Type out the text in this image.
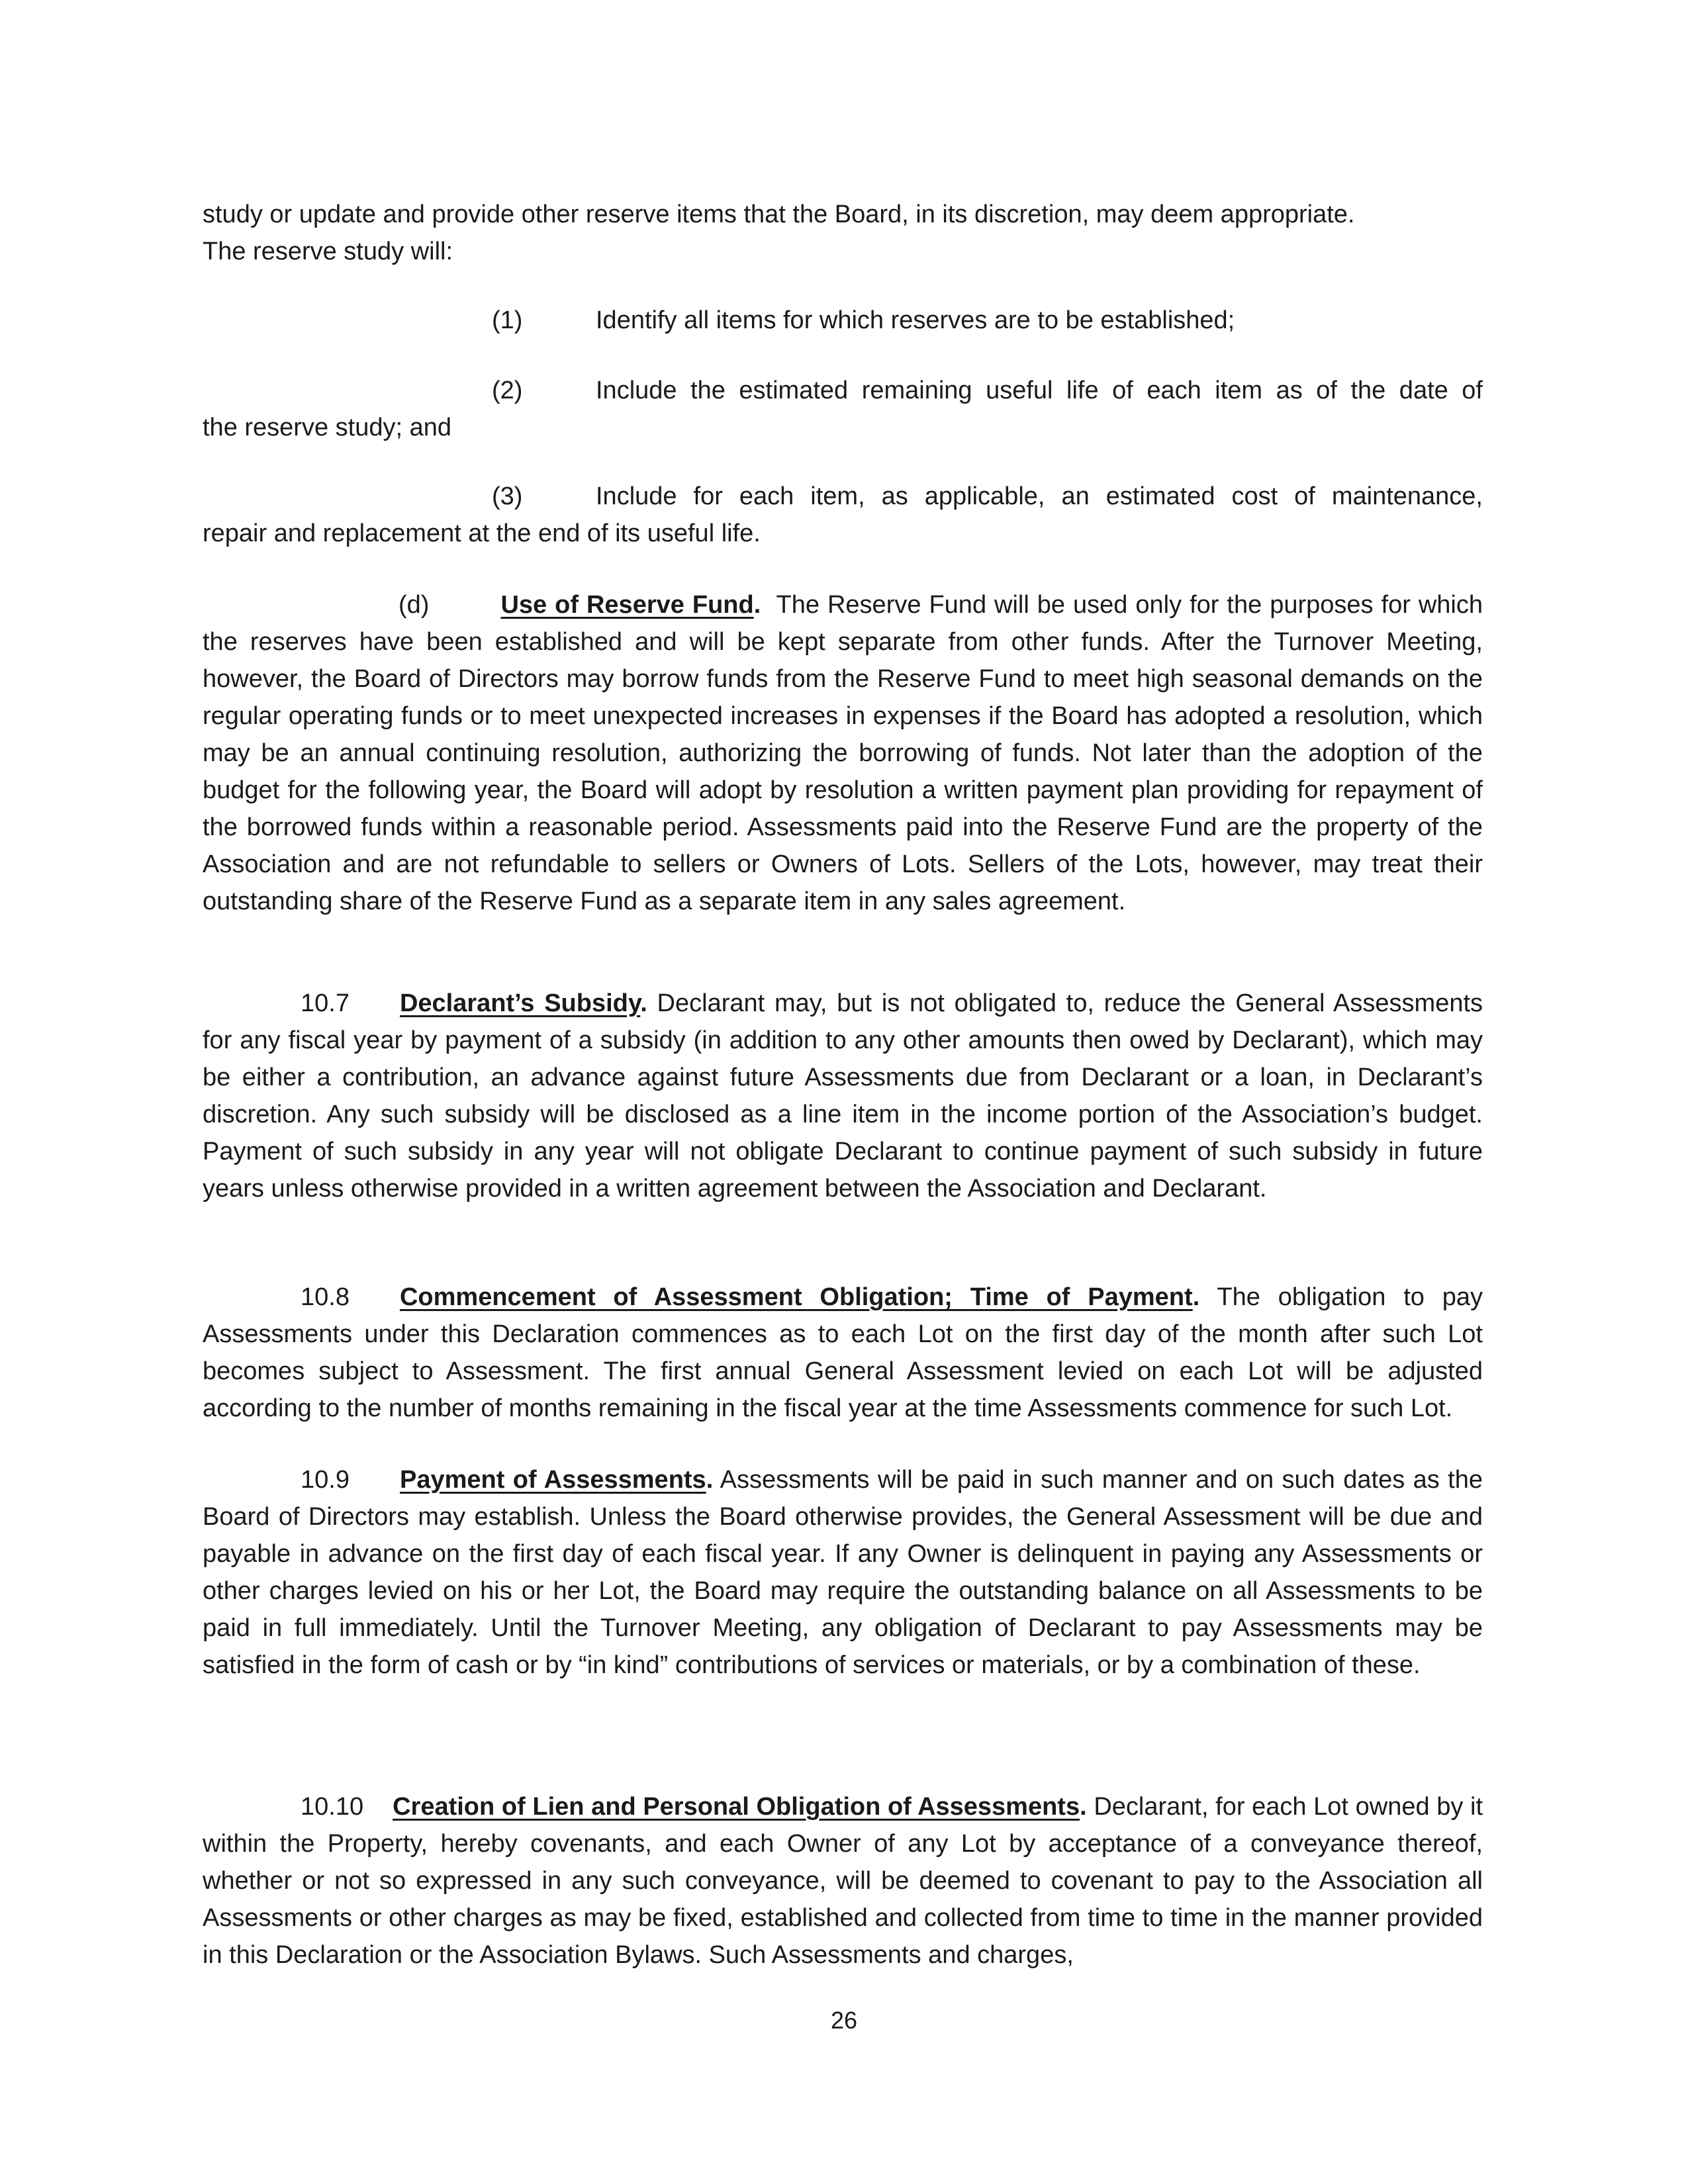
study or update and provide other reserve items that the Board, in its discretion, may deem appropriate.
The reserve study will:

(1)	Identify all items for which reserves are to be established;
(2)	Include the estimated remaining useful life of each item as of the date of
the reserve study; and
(3)	Include for each item, as applicable, an estimated cost of maintenance,
repair and replacement at the end of its useful life.

(d)	Use of Reserve Fund. The Reserve Fund will be used only for the purposes for which the reserves have been established and will be kept separate from other funds. After the Turnover Meeting, however, the Board of Directors may borrow funds from the Reserve Fund to meet high seasonal demands on the regular operating funds or to meet unexpected increases in expenses if the Board has adopted a resolution, which may be an annual continuing resolution, authorizing the borrowing of funds. Not later than the adoption of the budget for the following year, the Board will adopt by resolution a written payment plan providing for repayment of the borrowed funds within a reasonable period. Assessments paid into the Reserve Fund are the property of the Association and are not refundable to sellers or Owners of Lots. Sellers of the Lots, however, may treat their outstanding share of the Reserve Fund as a separate item in any sales agreement.

10.7 Declarant’s Subsidy. Declarant may, but is not obligated to, reduce the General Assessments for any fiscal year by payment of a subsidy (in addition to any other amounts then owed by Declarant), which may be either a contribution, an advance against future Assessments due from Declarant or a loan, in Declarant’s discretion. Any such subsidy will be disclosed as a line item in the income portion of the Association’s budget. Payment of such subsidy in any year will not obligate Declarant to continue payment of such subsidy in future years unless otherwise provided in a written agreement between the Association and Declarant.

10.8 Commencement of Assessment Obligation; Time of Payment. The obligation to pay Assessments under this Declaration commences as to each Lot on the first day of the month after such Lot becomes subject to Assessment. The first annual General Assessment levied on each Lot will be adjusted according to the number of months remaining in the fiscal year at the time Assessments commence for such Lot.

10.9 Payment of Assessments. Assessments will be paid in such manner and on such dates as the Board of Directors may establish. Unless the Board otherwise provides, the General Assessment will be due and payable in advance on the first day of each fiscal year. If any Owner is delinquent in paying any Assessments or other charges levied on his or her Lot, the Board may require the outstanding balance on all Assessments to be paid in full immediately. Until the Turnover Meeting, any obligation of Declarant to pay Assessments may be satisfied in the form of cash or by “in kind” contributions of services or materials, or by a combination of these.

10.10 Creation of Lien and Personal Obligation of Assessments. Declarant, for each Lot owned by it within the Property, hereby covenants, and each Owner of any Lot by acceptance of a conveyance thereof, whether or not so expressed in any such conveyance, will be deemed to covenant to pay to the Association all Assessments or other charges as may be fixed, established and collected from time to time in the manner provided in this Declaration or the Association Bylaws. Such Assessments and charges,

26
